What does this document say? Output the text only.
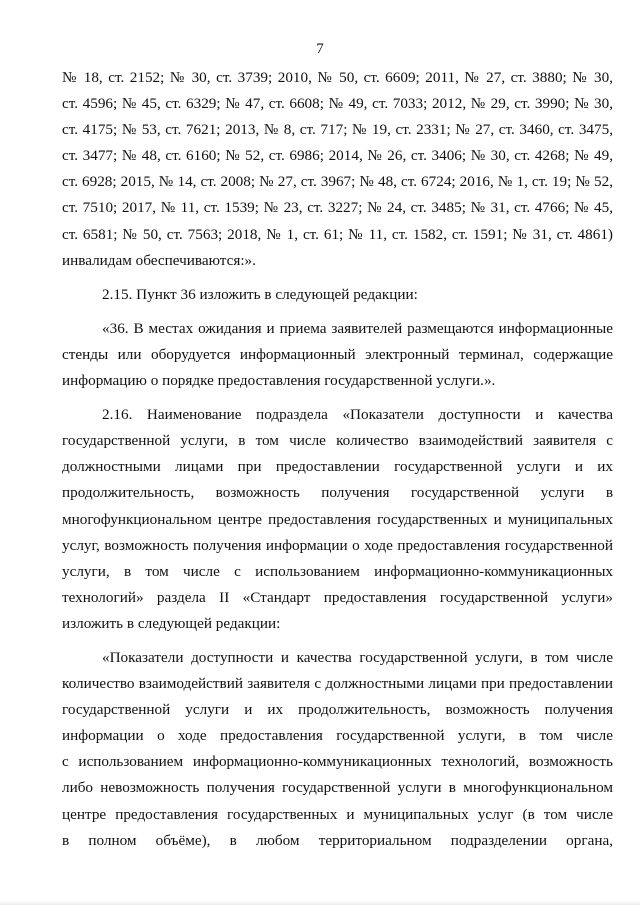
7
№ 18, ст. 2152; № 30, ст. 3739; 2010, № 50, ст. 6609; 2011, № 27, ст. 3880; № 30,
ст. 4596; № 45, ст. 6329; № 47, ст. 6608; № 49, ст. 7033; 2012, № 29, ст. 3990; № 30,
ст. 4175; № 53, ст. 7621; 2013, № 8, ст. 717; № 19, ст. 2331; № 27, ст. 3460, ст. 3475,
ст. 3477; № 48, ст. 6160; № 52, ст. 6986; 2014, № 26, ст. 3406; № 30, ст. 4268; № 49,
ст. 6928; 2015, № 14, ст. 2008; № 27, ст. 3967; № 48, ст. 6724; 2016, № 1, ст. 19; № 52,
ст. 7510; 2017, № 11, ст. 1539; № 23, ст. 3227; № 24, ст. 3485; № 31, ст. 4766; № 45,
ст. 6581; № 50, ст. 7563; 2018, № 1, ст. 61; № 11, ст. 1582, ст. 1591; № 31, ст. 4861)
инвалидам обеспечиваются:».
2.15. Пункт 36 изложить в следующей редакции:
«36. В местах ожидания и приема заявителей размещаются информационные
стенды или оборудуется информационный электронный терминал, содержащие
информацию о порядке предоставления государственной услуги.».
2.16. Наименование подраздела «Показатели доступности и качества
государственной услуги, в том числе количество взаимодействий заявителя с
должностными лицами при предоставлении государственной услуги и их
продолжительность, возможность получения государственной услуги в
многофункциональном центре предоставления государственных и муниципальных
услуг, возможность получения информации о ходе предоставления государственной
услуги, в том числе с использованием информационно-коммуникационных
технологий» раздела II «Стандарт предоставления государственной услуги»
изложить в следующей редакции:
«Показатели доступности и качества государственной услуги, в том числе
количество взаимодействий заявителя с должностными лицами при предоставлении
государственной услуги и их продолжительность, возможность получения
информации о ходе предоставления государственной услуги, в том числе
с использованием информационно-коммуникационных технологий, возможность
либо невозможность получения государственной услуги в многофункциональном
центре предоставления государственных и муниципальных услуг (в том числе
в полном объёме), в любом территориальном подразделении органа,
